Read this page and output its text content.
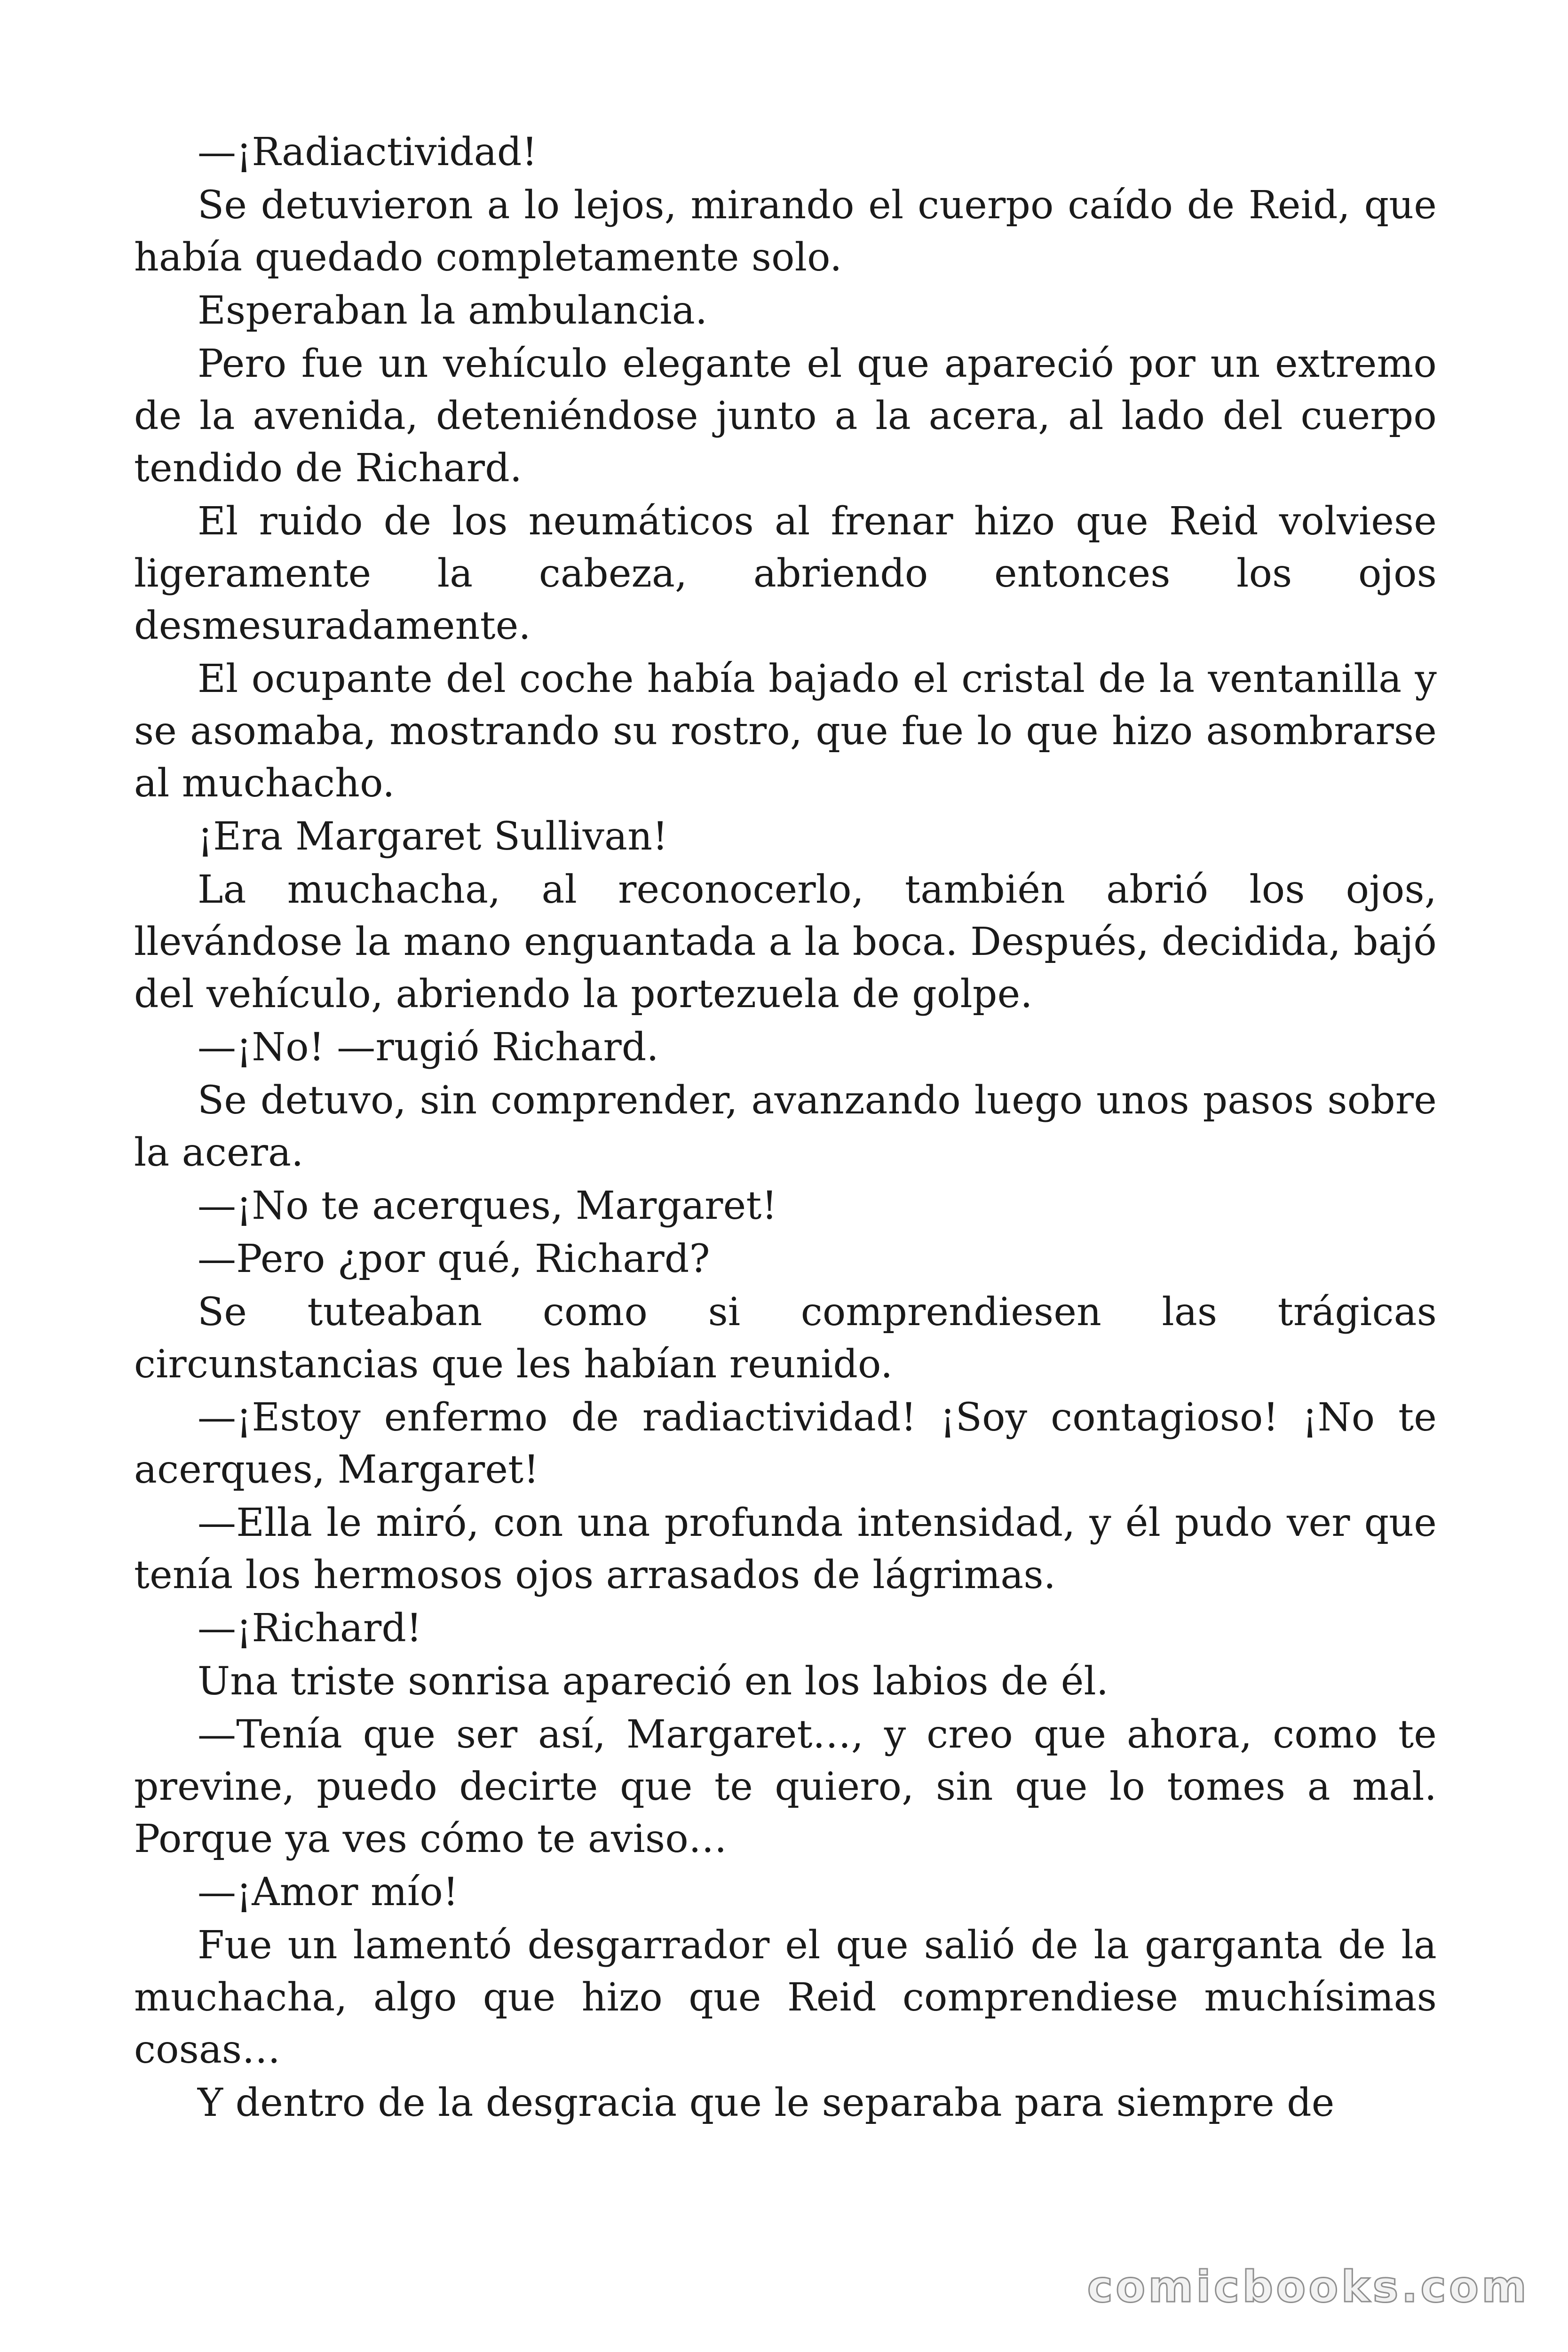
—¡Radiactividad!

Se detuvieron a lo lejos, mirando el cuerpo caído de Reid, que había quedado completamente solo.

Esperaban la ambulancia.

Pero fue un vehículo elegante el que apareció por un extremo de la avenida, deteniéndose junto a la acera, al lado del cuerpo tendido de Richard.

El ruido de los neumáticos al frenar hizo que Reid volviese ligeramente la cabeza, abriendo entonces los ojos desmesuradamente.

El ocupante del coche había bajado el cristal de la ventanilla y se asomaba, mostrando su rostro, que fue lo que hizo asombrarse al muchacho.

¡Era Margaret Sullivan!

La muchacha, al reconocerlo, también abrió los ojos, llevándose la mano enguantada a la boca. Después, decidida, bajó del vehículo, abriendo la portezuela de golpe.

—¡No! —rugió Richard.

Se detuvo, sin comprender, avanzando luego unos pasos sobre la acera.

—¡No te acerques, Margaret!

—Pero ¿por qué, Richard?

Se tuteaban como si comprendiesen las trágicas circunstancias que les habían reunido.

—¡Estoy enfermo de radiactividad! ¡Soy contagioso! ¡No te acerques, Margaret!

—Ella le miró, con una profunda intensidad, y él pudo ver que tenía los hermosos ojos arrasados de lágrimas.

—¡Richard!

Una triste sonrisa apareció en los labios de él.

—Tenía que ser así, Margaret…, y creo que ahora, como te previne, puedo decirte que te quiero, sin que lo tomes a mal. Porque ya ves cómo te aviso…

—¡Amor mío!

Fue un lamentó desgarrador el que salió de la garganta de la muchacha, algo que hizo que Reid comprendiese muchísimas cosas…

Y dentro de la desgracia que le separaba para siempre de

comicbooks.com
